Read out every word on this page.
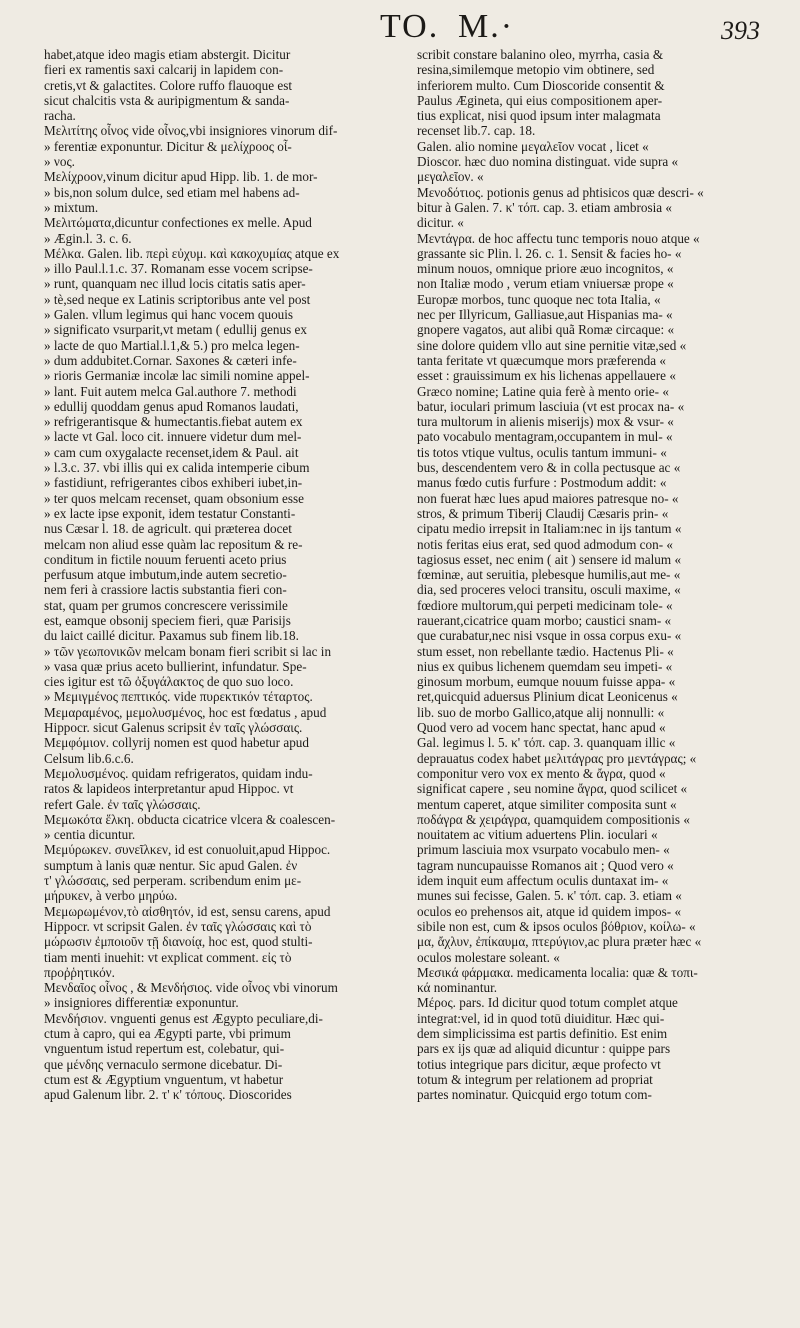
TO. M.·	393
habet,atque ideo magis etiam abstergit. Dicitur
fieri ex ramentis saxi calcarij in lapidem con-
cretis,vt & galactites. Colore ruffo flauoque est
sicut chalcitis vsta & auripigmentum & sanda-
racha.
Μελιτίτης οἶνος vide οἶνος,vbi insigniores vinorum dif-
» ferentiæ exponuntur. Dicitur & μελίχροος οἶ-
» νος.
Μελίχροον,vinum dicitur apud Hipp. lib. 1. de mor-
» bis,non solum dulce, sed etiam mel habens ad-
» mixtum.
Μελιτώματα,dicuntur confectiones ex melle. Apud
» Ægin.l. 3. c. 6.
Μέλκα. Galen. lib. περὶ εὐχυμ. καὶ κακοχυμίας atque ex
» illo Paul.l.1.c. 37. Romanam esse vocem scripse-
» runt, quanquam nec illud locis citatis satis aper-
» tè,sed neque ex Latinis scriptoribus ante vel post
» Galen. vllum legimus qui hanc vocem quouis
» significato vsurparit,vt metam ( edullij genus ex
» lacte de quo Martial.l.1,& 5.) pro melca legen-
» dum addubitet.Cornar. Saxones & cæteri infe-
» rioris Germaniæ incolæ lac simili nomine appel-
» lant. Fuit autem melca Gal.authore 7. methodi
» edullij quoddam genus apud Romanos laudati,
» refrigerantisque & humectantis.fiebat autem ex
» lacte vt Gal. loco cit. innuere videtur dum mel-
» cam cum oxygalacte recenset,idem & Paul. ait
» l.3.c. 37. vbi illis qui ex calida intemperie cibum
» fastidiunt, refrigerantes cibos exhiberi iubet,in-
» ter quos melcam recenset, quam obsonium esse
» ex lacte ipse exponit, idem testatur Constanti-
nus Cæsar l. 18. de agricult. qui præterea docet
melcam non aliud esse quàm lac repositum & re-
conditum in fictile nouum feruenti aceto prius
perfusum atque imbutum,inde autem secretio-
nem feri à crassiore lactis substantia fieri con-
stat, quam per grumos concrescere verissimile
est, eamque obsonij speciem fieri, quæ Parisijs
du laict caillé dicitur. Paxamus sub finem lib.18.
» τῶν γεωπονικῶν melcam bonam fieri scribit si lac in
» vasa quæ prius aceto bullierint, infundatur. Spe-
cies igitur est τῶ ὀξυγάλακτος de quo suo loco.
» Μεμιγμένος πεπτικός. vide πυρεκτικόν τέταρτος.
Μεμαραμένος, μεμολυσμένος, hoc est fœdatus , apud
Hippocr. sicut Galenus scripsit ἐν ταῖς γλώσσαις.
Μεμφόμιον. collyrij nomen est quod habetur apud
Celsum lib.6.c.6.
Μεμολυσμένος. quidam refrigeratos, quidam indu-
ratos & lapideos interpretantur apud Hippoc. vt
refert Gale. ἐν ταῖς γλώσσαις.
Μεμωκότα ἕλκη. obducta cicatrice vlcera & coalescen-
» centia dicuntur.
Μεμύρωκεν. συνεῖλκεν, id est conuoluit,apud Hippoc.
sumptum à lanis quæ nentur. Sic apud Galen. ἐν
τ' γλώσσαις, sed perperam. scribendum enim με-
μήρυκεν, à verbo μηρύω.
Μεμωρωμένον,τὸ αἰσθητόν, id est, sensu carens, apud
Hippocr. vt scripsit Galen. ἐν ταῖς γλώσσαις καὶ τὸ
μώρωσιν ἐμποιοῦν τῇ διανοίᾳ, hoc est, quod stulti-
tiam menti inuehit: vt explicat comment. εἰς τὸ
προῤῥητικόν.
Μενδαῖος οἶνος , & Μενδήσιος. vide οἶνος vbi vinorum
» insigniores differentiæ exponuntur.
Μενδήσιον. vnguenti genus est Ægypto peculiare,di-
ctum à capro, qui ea Ægypti parte, vbi primum
vnguentum istud repertum est, colebatur, qui-
que μένδης vernaculo sermone dicebatur. Di-
ctum est & Ægyptium vnguentum, vt habetur
apud Galenum libr. 2. τ' κ' τόπους. Dioscorides
scribit constare balanino oleo, myrrha, casia &
resina,similemque metopio vim obtinere, sed
inferiorem multo. Cum Dioscoride consentit &
Paulus Ægineta, qui eius compositionem aper-
tius explicat, nisi quod ipsum inter malagmata
recenset lib.7. cap. 18.
Galen. alio nomine μεγαλεῖον vocat , licet «
Dioscor. hæc duo nomina distinguat. vide supra «
μεγαλεῖον. «
Μενοδότιος. potionis genus ad phtisicos quæ descri- «
bitur à Galen. 7. κ' τόπ. cap. 3. etiam ambrosia «
dicitur. «
Μεντάγρα. de hoc affectu tunc temporis nouo atque «
grassante sic Plin. l. 26. c. 1. Sensit & facies ho- «
minum nouos, omnique priore æuo incognitos, «
non Italiæ modo , verum etiam vniuersæ prope «
Europæ morbos, tunc quoque nec tota Italia, «
nec per Illyricum, Galliasue,aut Hispanias ma- «
gnopere vagatos, aut alibi quã Romæ circaque: «
sine dolore quidem vllo aut sine pernitie vitæ,sed «
tanta feritate vt quæcumque mors præferenda «
esset : grauissimum ex his lichenas appellauere «
Græco nomine; Latine quia ferè à mento orie- «
batur, ioculari primum lasciuia (vt est procax na- «
tura multorum in alienis miserijs) mox & vsur- «
pato vocabulo mentagram,occupantem in mul- «
tis totos vtique vultus, oculis tantum immuni- «
bus, descendentem vero & in colla pectusque ac «
manus fœdo cutis furfure : Postmodum addit: «
non fuerat hæc lues apud maiores patresque no- «
stros, & primum Tiberij Claudij Cæsaris prin- «
cipatu medio irrepsit in Italiam:nec in ijs tantum «
notis feritas eius erat, sed quod admodum con- «
tagiosus esset, nec enim ( ait ) sensere id malum «
fœminæ, aut seruitia, plebesque humilis,aut me- «
dia, sed proceres veloci transitu, osculi maxime, «
fœdiore multorum,qui perpeti medicinam tole- «
rauerant,cicatrice quam morbo; caustici snam- «
que curabatur,nec nisi vsque in ossa corpus exu- «
stum esset, non rebellante tædio. Hactenus Pli- «
nius ex quibus lichenem quemdam seu impeti- «
ginosum morbum, eumque nouum fuisse appa- «
ret,quicquid aduersus Plinium dicat Leonicenus «
lib. suo de morbo Gallico,atque alij nonnulli: «
Quod vero ad vocem hanc spectat, hanc apud «
Gal. legimus l. 5. κ' τόπ. cap. 3. quanquam illic «
deprauatus codex habet μελιτάγρας pro μεντάγρας; «
componitur vero vox ex mento & ἄγρα, quod «
significat capere , seu nomine ἄγρα, quod scilicet «
mentum caperet, atque similiter composita sunt «
ποδάγρα & χειράγρα, quamquidem compositionis «
nouitatem ac vitium aduertens Plin. ioculari «
primum lasciuia mox vsurpato vocabulo men- «
tagram nuncupauisse Romanos ait ; Quod vero «
idem inquit eum affectum oculis duntaxat im- «
munes sui fecisse, Galen. 5. κ' τόπ. cap. 3. etiam «
oculos eo prehensos ait, atque id quidem impos- «
sibile non est, cum & ipsos oculos βόθριον, κοίλω- «
μα, ἄχλυν, ἐπίκαυμα, πτερύγιον,ac plura præter hæc «
oculos molestare soleant. «
Μεσικά φάρμακα. medicamenta localia: quæ & τοπι-
κά nominantur.
Μέρος. pars. Id dicitur quod totum complet atque
integrat:vel, id in quod totū diuiditur. Hæc qui-
dem simplicissima est partis definitio. Est enim
pars ex ijs quæ ad aliquid dicuntur : quippe pars
totius integrique pars dicitur, æque profecto vt
totum & integrum per relationem ad propriat
partes nominatur. Quicquid ergo totum com-
